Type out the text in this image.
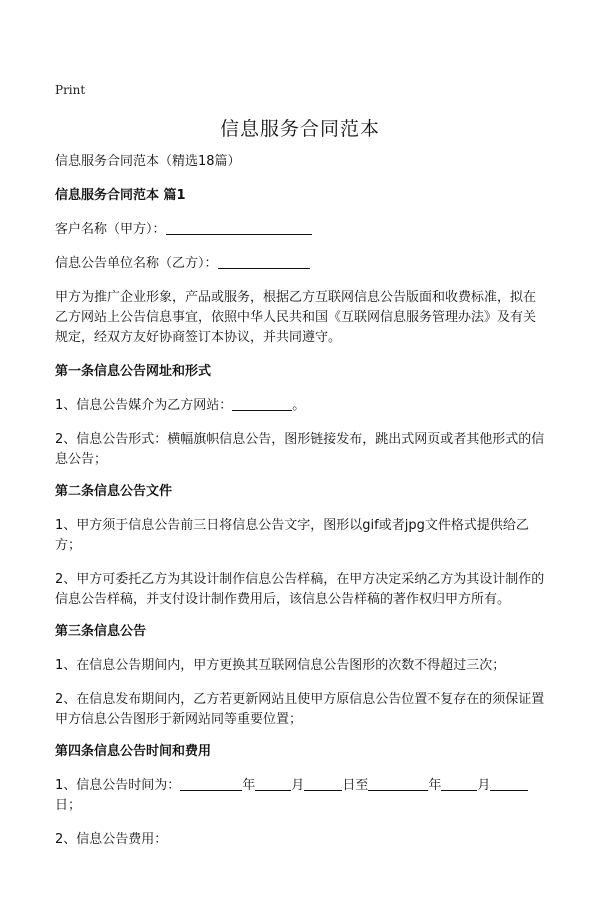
Print
信息服务合同范本

信息服务合同范本（精选18篇）

信息服务合同范本 篇1

客户名称（甲方）：

信息公告单位名称（乙方）：

甲方为推广企业形象，产品或服务，根据乙方互联网信息公告版面和收费标准，拟在乙方网站上公告信息事宜，依照中华人民共和国《互联网信息服务管理办法》及有关规定，经双方友好协商签订本协议，并共同遵守。

第一条信息公告网址和形式

1、信息公告媒介为乙方网站：	。

2、信息公告形式：横幅旗帜信息公告，图形链接发布，跳出式网页或者其他形式的信息公告；

第二条信息公告文件

1、甲方须于信息公告前三日将信息公告文字，图形以gif或者jpg文件格式提供给乙方；

2、甲方可委托乙方为其设计制作信息公告样稿，在甲方决定采纳乙方为其设计制作的信息公告样稿，并支付设计制作费用后，该信息公告样稿的著作权归甲方所有。

第三条信息公告

1、在信息公告期间内，甲方更换其互联网信息公告图形的次数不得超过三次；

2、在信息发布期间内，乙方若更新网站且使甲方原信息公告位置不复存在的须保证置甲方信息公告图形于新网站同等重要位置；

第四条信息公告时间和费用

1、信息公告时间为：	年	月	日至	年	月日；

2、信息公告费用：
